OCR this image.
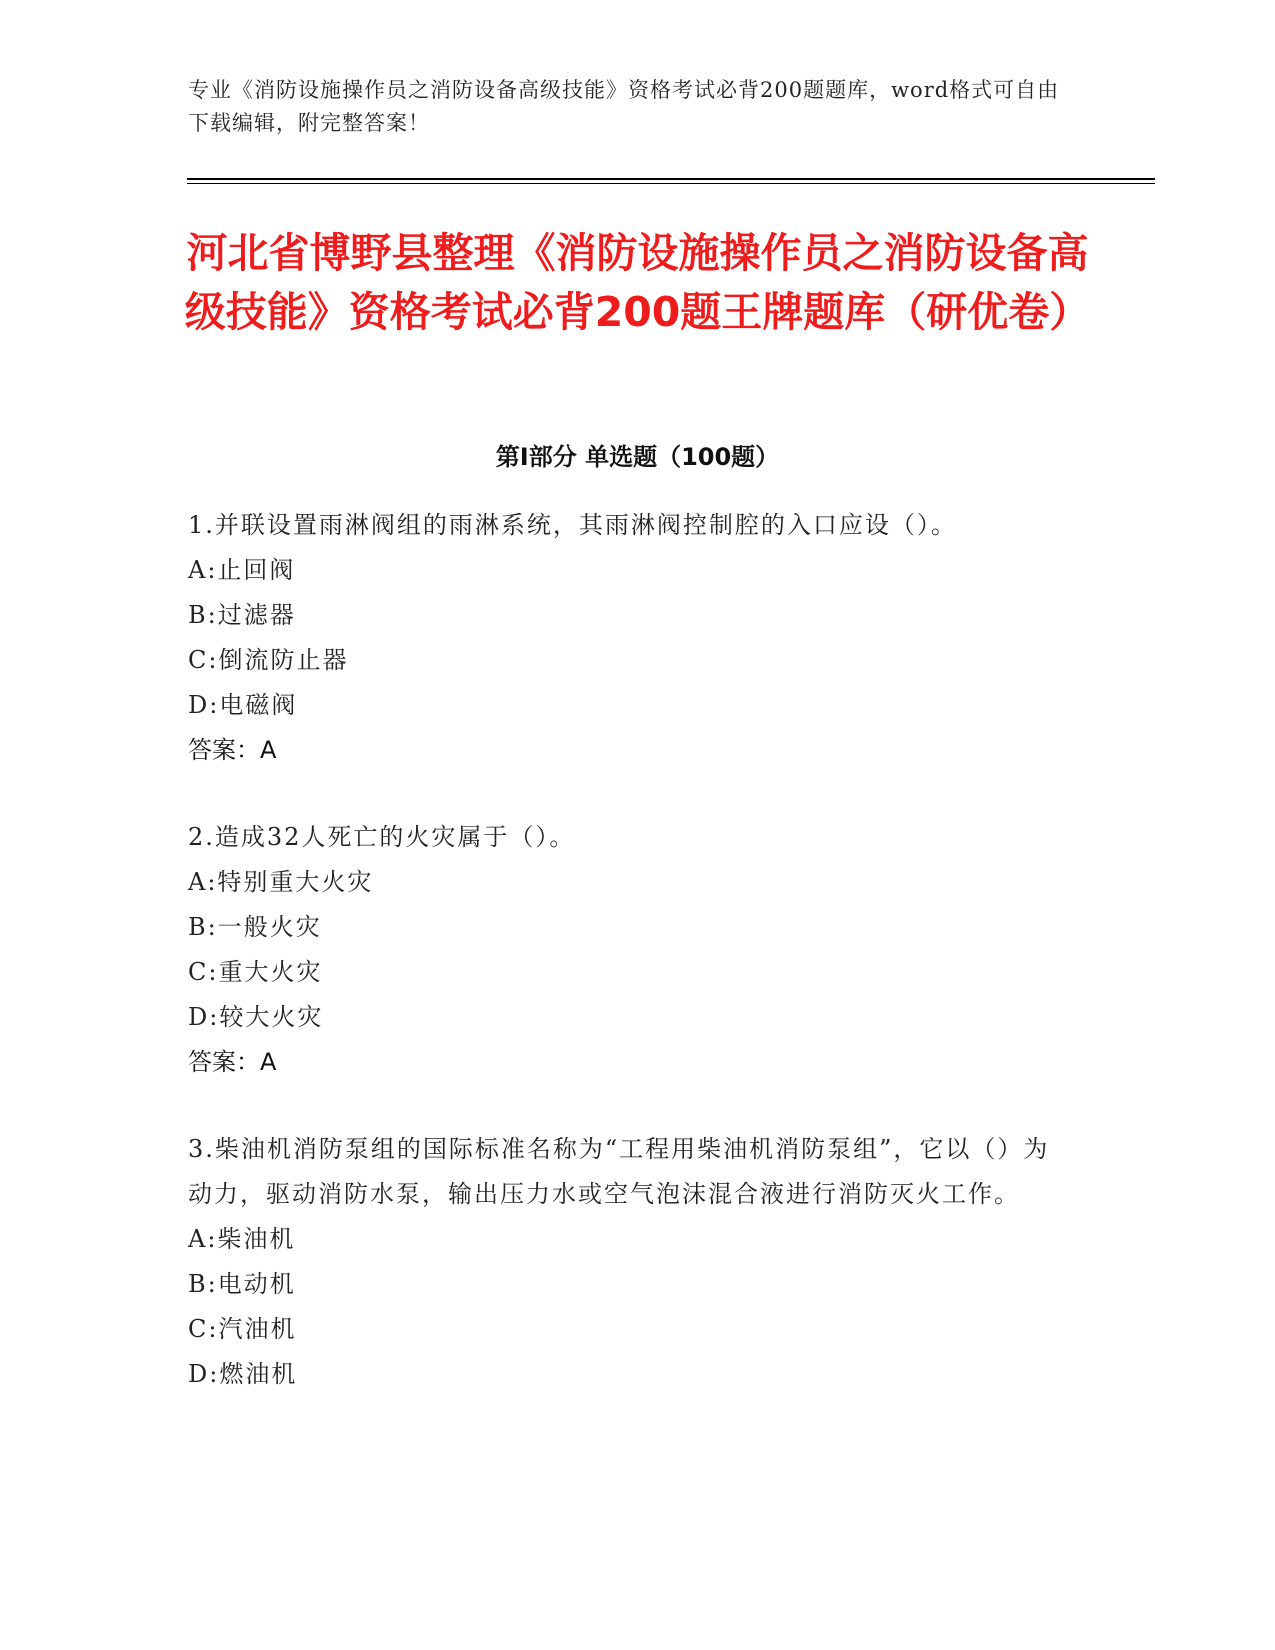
专业《消防设施操作员之消防设备高级技能》资格考试必背200题题库，word格式可自由下载编辑，附完整答案！
河北省博野县整理《消防设施操作员之消防设备高级技能》资格考试必背200题王牌题库（研优卷）
第Ⅰ部分 单选题（100题）
1.并联设置雨淋阀组的雨淋系统，其雨淋阀控制腔的入口应设（）。
A:止回阀
B:过滤器
C:倒流防止器
D:电磁阀
答案：A
2.造成32人死亡的火灾属于（）。
A:特别重大火灾
B:一般火灾
C:重大火灾
D:较大火灾
答案：A
3.柴油机消防泵组的国际标准名称为“工程用柴油机消防泵组”，它以（）为动力，驱动消防水泵，输出压力水或空气泡沫混合液进行消防灭火工作。
A:柴油机
B:电动机
C:汽油机
D:燃油机
